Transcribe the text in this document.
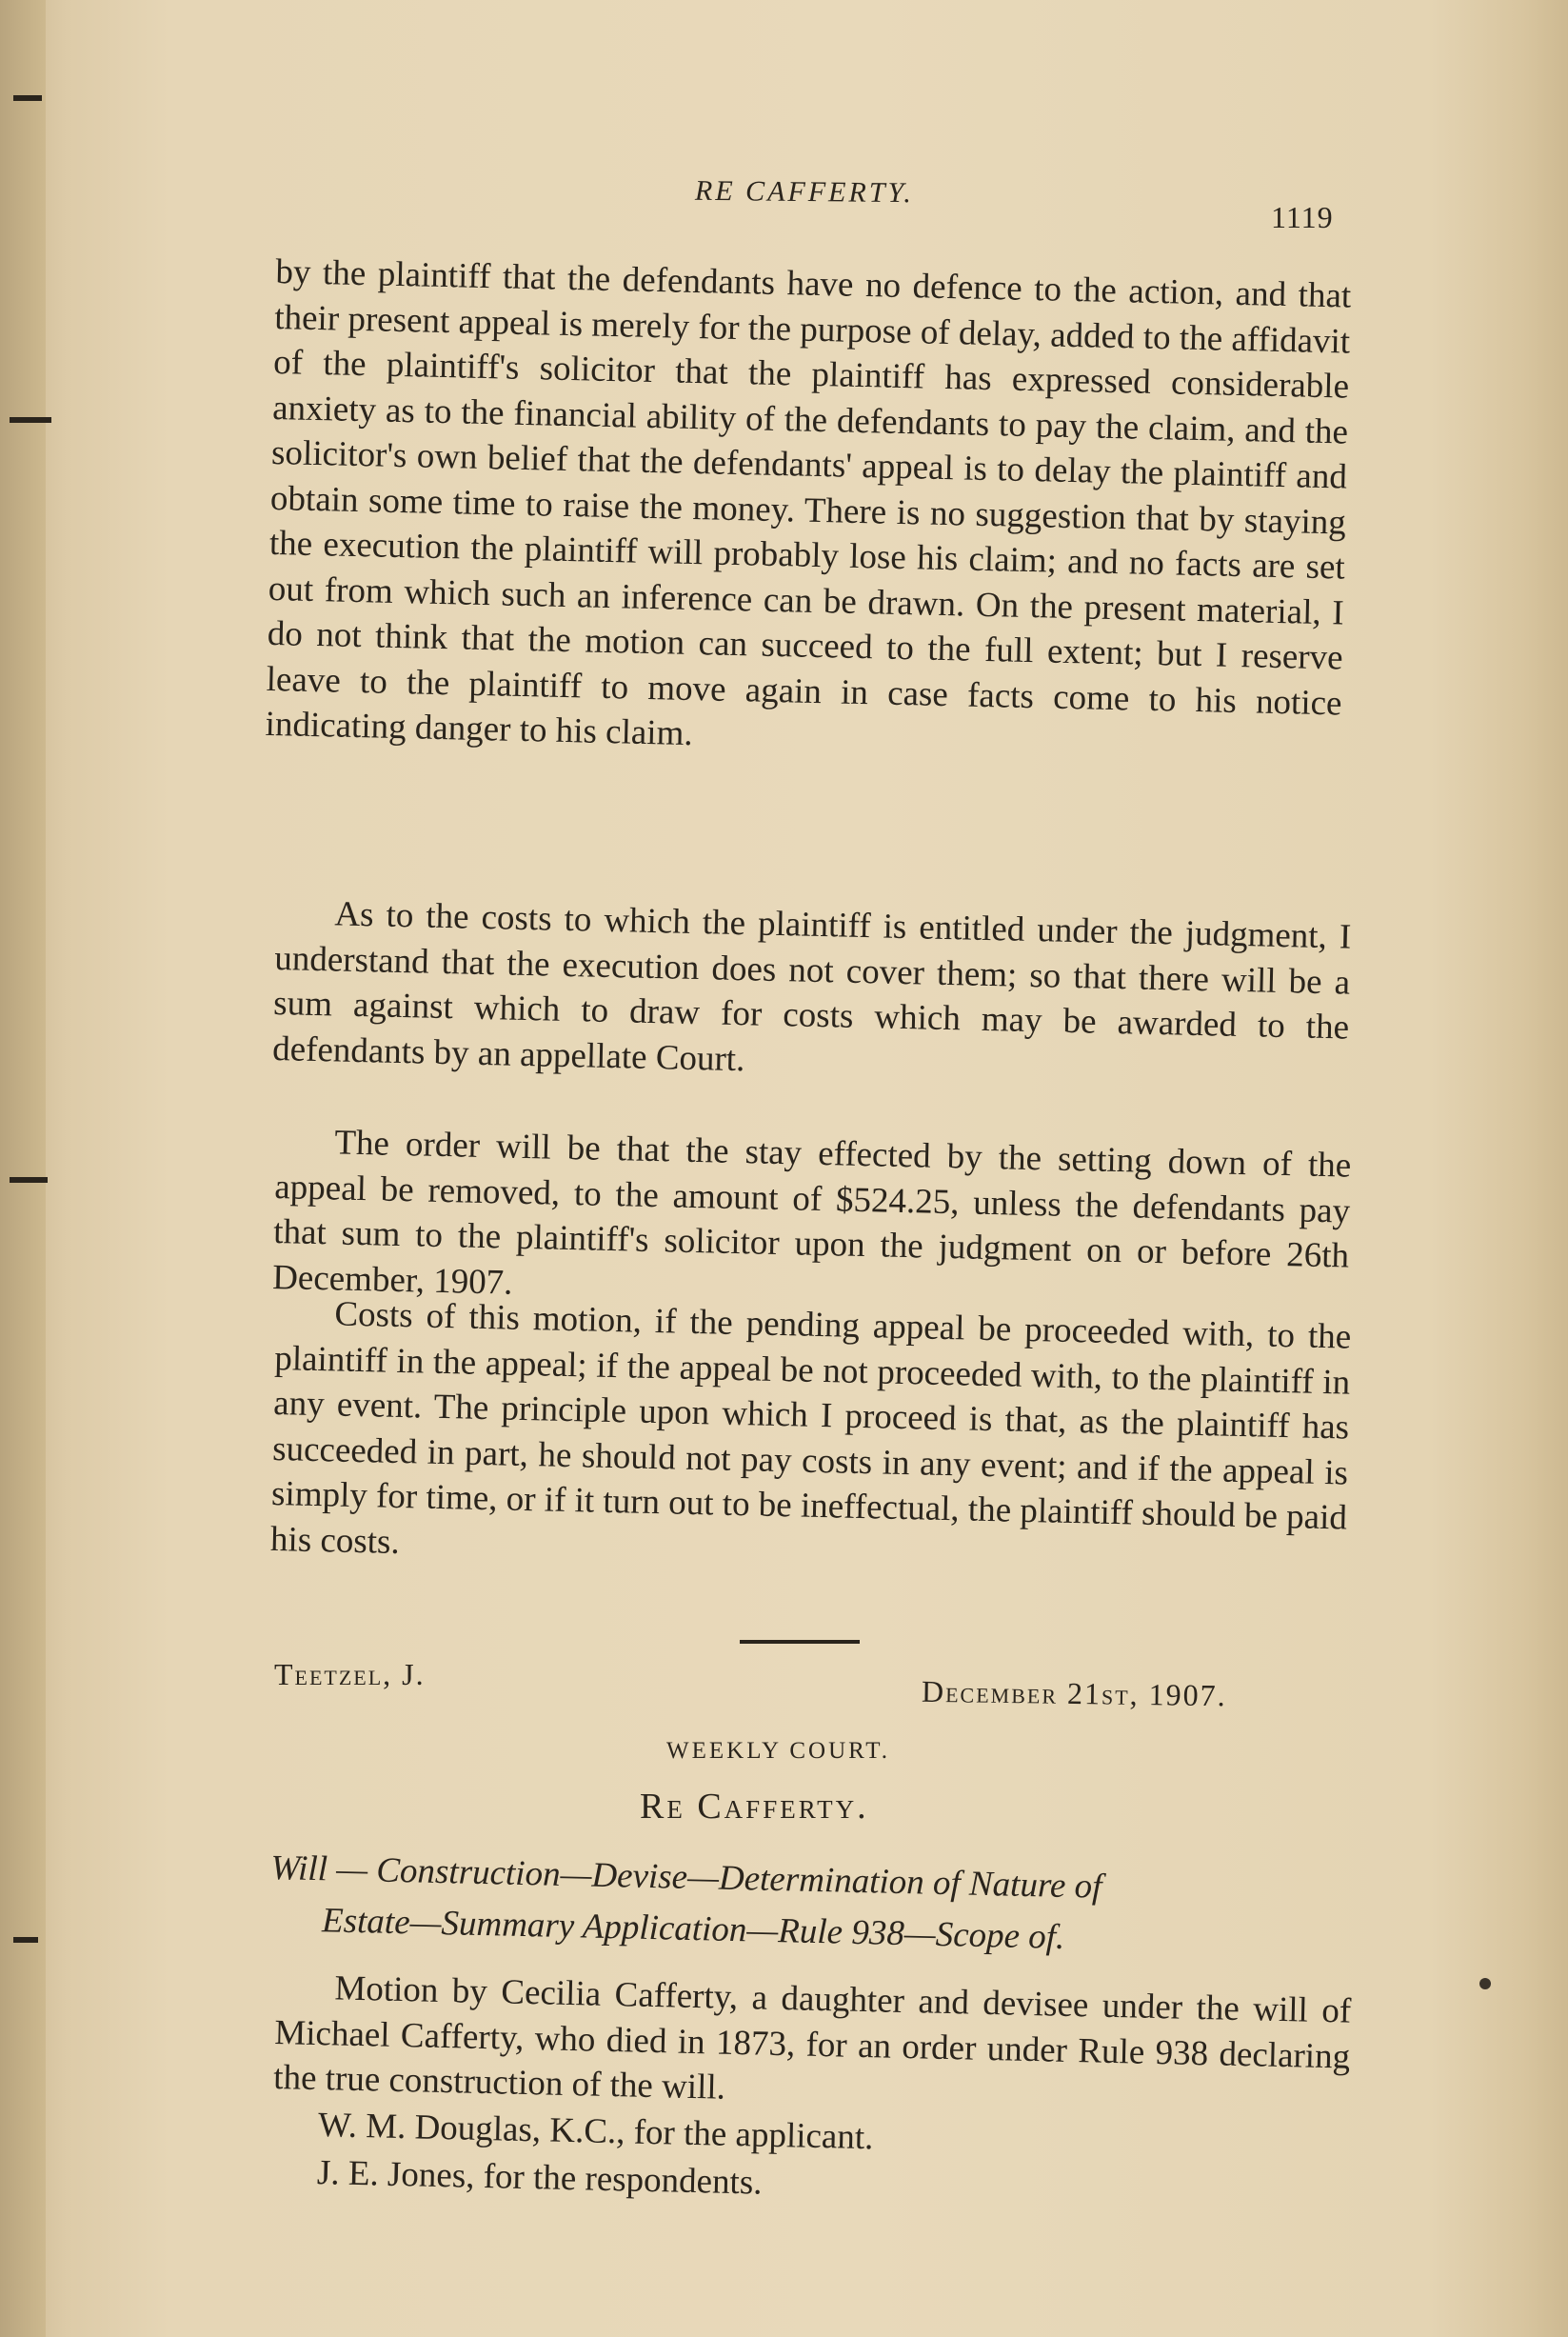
RE CAFFERTY.
1119

by the plaintiff that the defendants have no defence to the action, and that their present appeal is merely for the purpose of delay, added to the affidavit of the plaintiff's solicitor that the plaintiff has expressed considerable anxiety as to the financial ability of the defendants to pay the claim, and the solicitor's own belief that the defendants' appeal is to delay the plaintiff and obtain some time to raise the money. There is no suggestion that by staying the execution the plaintiff will probably lose his claim; and no facts are set out from which such an inference can be drawn. On the present material, I do not think that the motion can succeed to the full extent; but I reserve leave to the plaintiff to move again in case facts come to his notice indicating danger to his claim.

As to the costs to which the plaintiff is entitled under the judgment, I understand that the execution does not cover them; so that there will be a sum against which to draw for costs which may be awarded to the defendants by an appellate Court.

The order will be that the stay effected by the setting down of the appeal be removed, to the amount of $524.25, unless the defendants pay that sum to the plaintiff's solicitor upon the judgment on or before 26th December, 1907.

Costs of this motion, if the pending appeal be proceeded with, to the plaintiff in the appeal; if the appeal be not proceeded with, to the plaintiff in any event. The principle upon which I proceed is that, as the plaintiff has succeeded in part, he should not pay costs in any event; and if the appeal is simply for time, or if it turn out to be ineffectual, the plaintiff should be paid his costs.

Teetzel, J.	December 21st, 1907.
WEEKLY COURT.
Re Cafferty.
Will — Construction—Devise—Determination of Nature of
Estate—Summary Application—Rule 938—Scope of.

Motion by Cecilia Cafferty, a daughter and devisee under the will of Michael Cafferty, who died in 1873, for an order under Rule 938 declaring the true construction of the will.

W. M. Douglas, K.C., for the applicant.

J. E. Jones, for the respondents.
